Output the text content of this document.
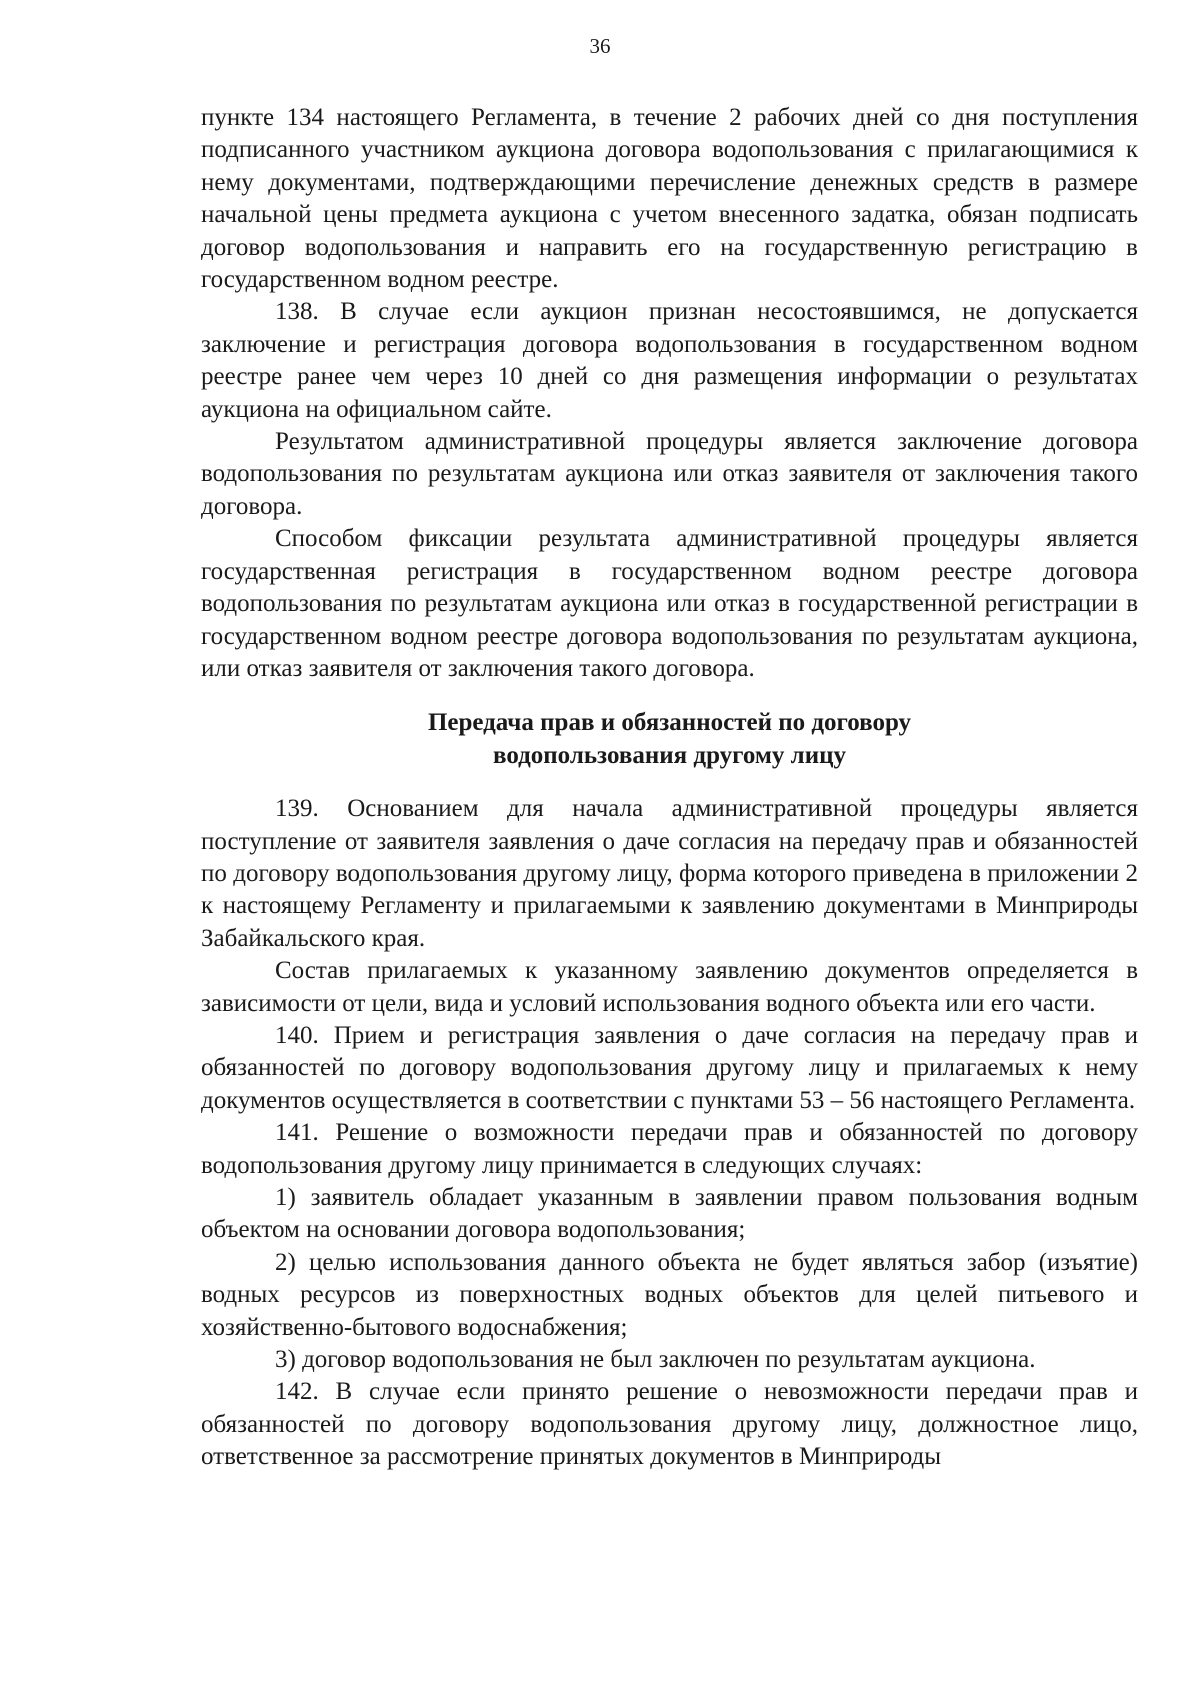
36

пункте 134 настоящего Регламента, в течение 2 рабочих дней со дня поступления подписанного участником аукциона договора водопользования с прилагающимися к нему документами, подтверждающими перечисление денежных средств в размере начальной цены предмета аукциона с учетом внесенного задатка, обязан подписать договор водопользования и направить его на государственную регистрацию в государственном водном реестре.

138. В случае если аукцион признан несостоявшимся, не допускается заключение и регистрация договора водопользования в государственном водном реестре ранее чем через 10 дней со дня размещения информации о результатах аукциона на официальном сайте.

Результатом административной процедуры является заключение договора водопользования по результатам аукциона или отказ заявителя от заключения такого договора.

Способом фиксации результата административной процедуры является государственная регистрация в государственном водном реестре договора водопользования по результатам аукциона или отказ в государственной регистрации в государственном водном реестре договора водопользования по результатам аукциона, или отказ заявителя от заключения такого договора.

Передача прав и обязанностей по договору
водопользования другому лицу

139. Основанием для начала административной процедуры является поступление от заявителя заявления о даче согласия на передачу прав и обязанностей по договору водопользования другому лицу, форма которого приведена в приложении 2 к настоящему Регламенту и прилагаемыми к заявлению документами в Минприроды Забайкальского края.

Состав прилагаемых к указанному заявлению документов определяется в зависимости от цели, вида и условий использования водного объекта или его части.

140. Прием и регистрация заявления о даче согласия на передачу прав и обязанностей по договору водопользования другому лицу и прилагаемых к нему документов осуществляется в соответствии с пунктами 53 – 56 настоящего Регламента.

141. Решение о возможности передачи прав и обязанностей по договору водопользования другому лицу принимается в следующих случаях:

1) заявитель обладает указанным в заявлении правом пользования водным объектом на основании договора водопользования;

2) целью использования данного объекта не будет являться забор (изъятие) водных ресурсов из поверхностных водных объектов для целей питьевого и хозяйственно-бытового водоснабжения;

3) договор водопользования не был заключен по результатам аукциона.

142. В случае если принято решение о невозможности передачи прав и обязанностей по договору водопользования другому лицу, должностное лицо, ответственное за рассмотрение принятых документов в Минприроды
